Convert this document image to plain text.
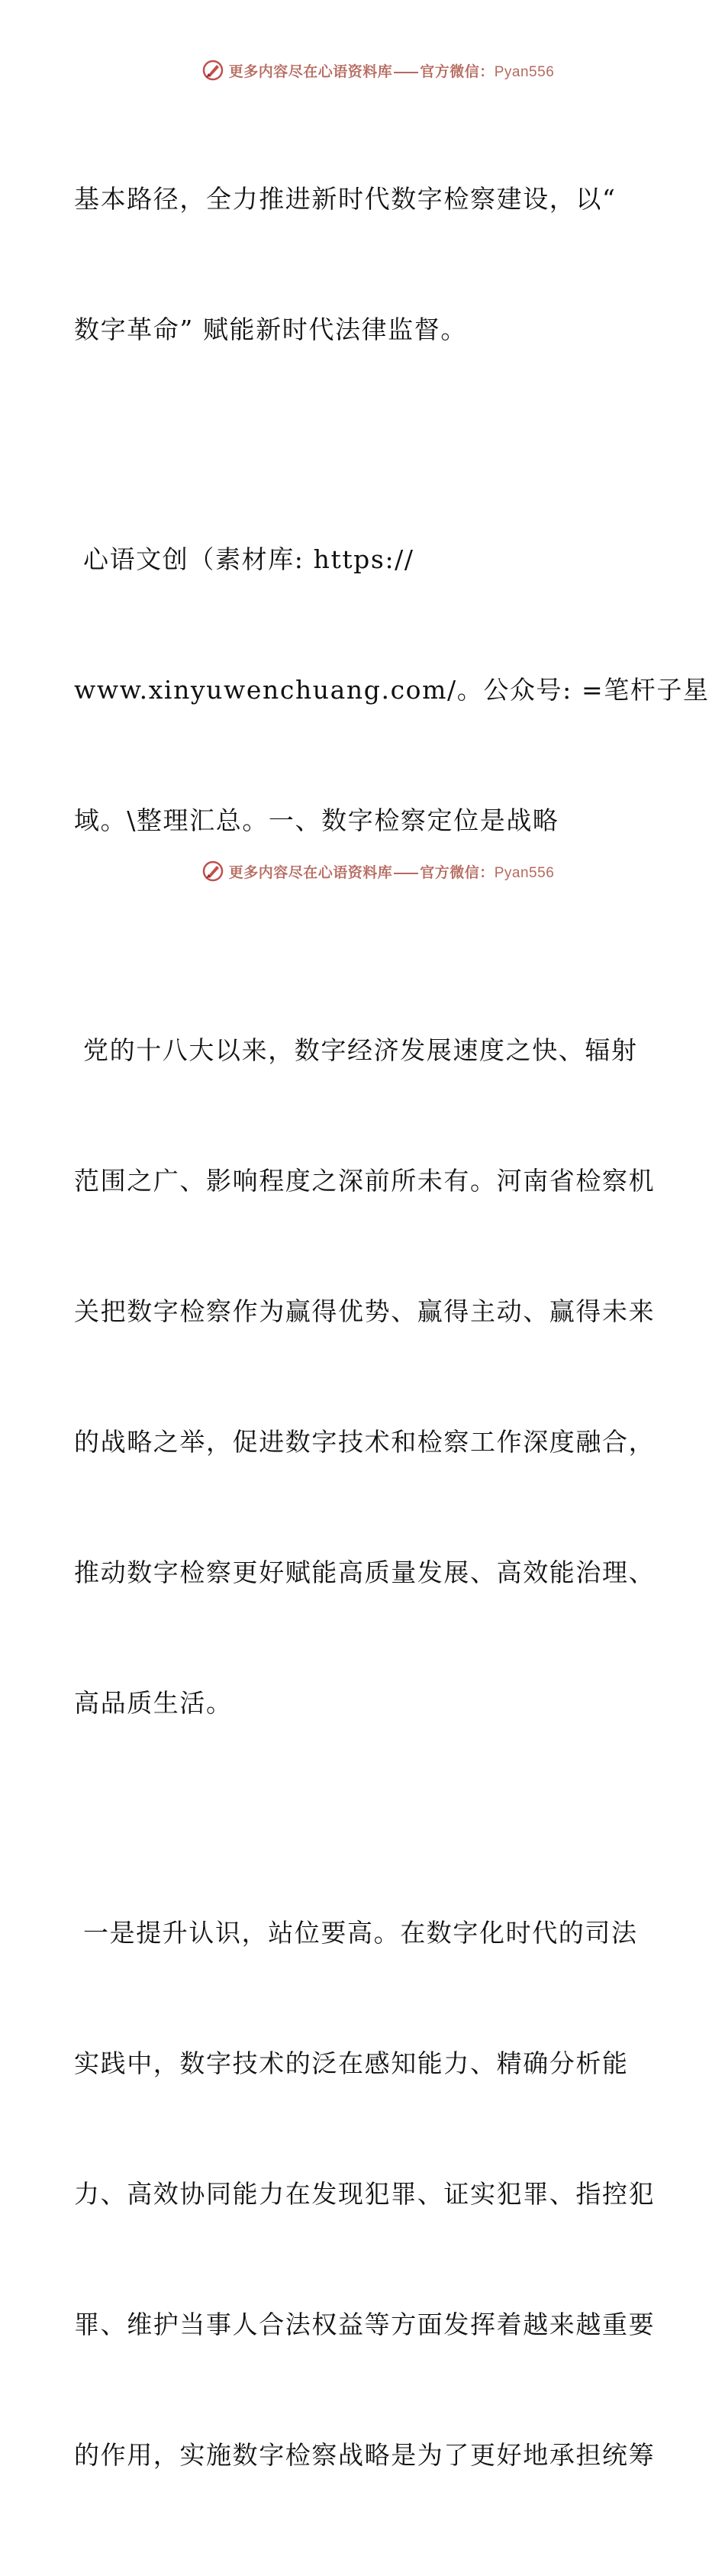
更多内容尽在心语资料库 官方微信：Pyan556

基本路径，全力推进新时代数字检察建设，以“

数字革命” 赋能新时代法律监督。

心语文创（素材库: https://

www.xinyuwenchuang.com/。公众号: =笔杆子星

域。\整理汇总。一、数字检察定位是战略

党的十八大以来，数字经济发展速度之快、辐射

范围之广、影响程度之深前所未有。河南省检察机

关把数字检察作为赢得优势、赢得主动、赢得未来

的战略之举，促进数字技术和检察工作深度融合，

推动数字检察更好赋能高质量发展、高效能治理、

高品质生活。

一是提升认识，站位要高。在数字化时代的司法

实践中，数字技术的泛在感知能力、精确分析能

力、高效协同能力在发现犯罪、证实犯罪、指控犯

罪、维护当事人合法权益等方面发挥着越来越重要

的作用，实施数字检察战略是为了更好地承担统筹

更多内容尽在心语资料库 官方微信：Pyan556
